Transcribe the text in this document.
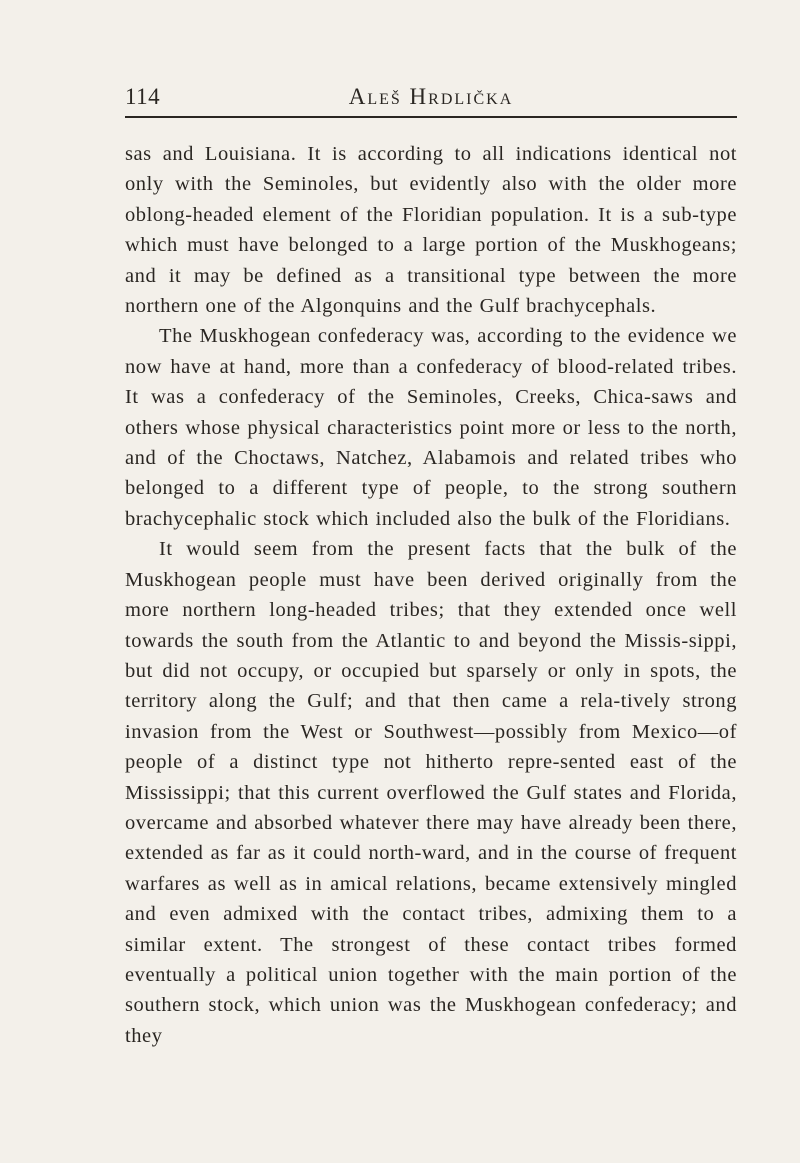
114	Aleš Hrdlička

sas and Louisiana. It is according to all indications identical not only with the Seminoles, but evidently also with the older more oblong-headed element of the Floridian population. It is a sub-type which must have belonged to a large portion of the Muskhogeans; and it may be defined as a transitional type between the more northern one of the Algonquins and the Gulf brachycephals.

The Muskhogean confederacy was, according to the evidence we now have at hand, more than a confederacy of blood-related tribes. It was a confederacy of the Seminoles, Creeks, Chica-saws and others whose physical characteristics point more or less to the north, and of the Choctaws, Natchez, Alabamois and related tribes who belonged to a different type of people, to the strong southern brachycephalic stock which included also the bulk of the Floridians.

It would seem from the present facts that the bulk of the Muskhogean people must have been derived originally from the more northern long-headed tribes; that they extended once well towards the south from the Atlantic to and beyond the Missis-sippi, but did not occupy, or occupied but sparsely or only in spots, the territory along the Gulf; and that then came a rela-tively strong invasion from the West or Southwest—possibly from Mexico—of people of a distinct type not hitherto repre-sented east of the Mississippi; that this current overflowed the Gulf states and Florida, overcame and absorbed whatever there may have already been there, extended as far as it could north-ward, and in the course of frequent warfares as well as in amical relations, became extensively mingled and even admixed with the contact tribes, admixing them to a similar extent. The strongest of these contact tribes formed eventually a political union together with the main portion of the southern stock, which union was the Muskhogean confederacy; and they
